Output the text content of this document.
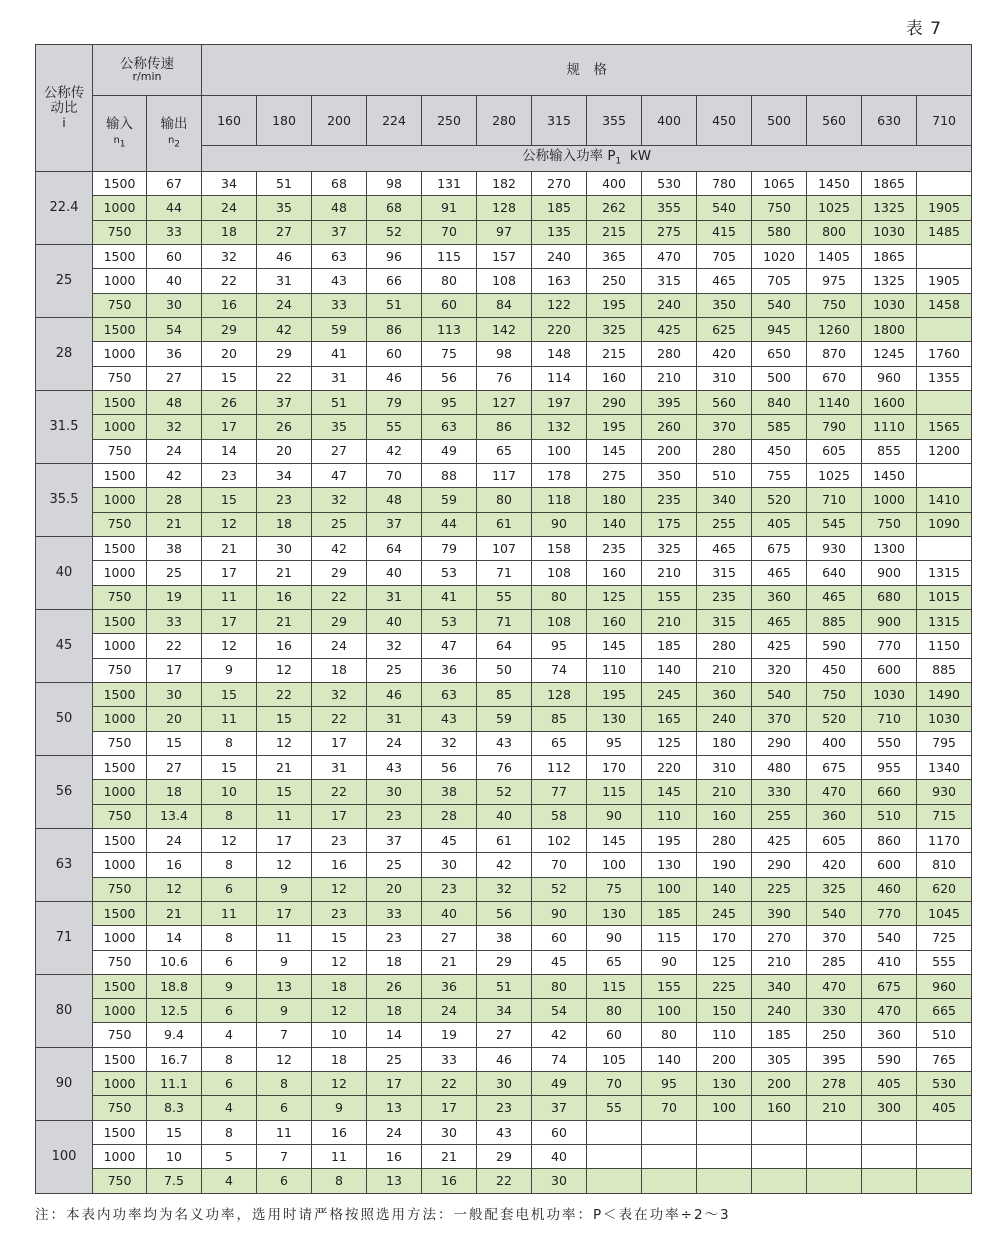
表 7
公称传
动比
i	公称传速
r/min		规　格													
	输入
$n_1$	输出
$n_2$	160	180	200	224	250	280	315	355	400	450	500	560	630	710
			公称输入功率 $P_1$ kW													
22.4	1500	67	34	51	68	98	131	182	270	400	530	780	1065	1450	1865	
	1000	44	24	35	48	68	91	128	185	262	355	540	750	1025	1325	1905
	750	33	18	27	37	52	70	97	135	215	275	415	580	800	1030	1485
25	1500	60	32	46	63	96	115	157	240	365	470	705	1020	1405	1865	
	1000	40	22	31	43	66	80	108	163	250	315	465	705	975	1325	1905
	750	30	16	24	33	51	60	84	122	195	240	350	540	750	1030	1458
28	1500	54	29	42	59	86	113	142	220	325	425	625	945	1260	1800	
	1000	36	20	29	41	60	75	98	148	215	280	420	650	870	1245	1760
	750	27	15	22	31	46	56	76	114	160	210	310	500	670	960	1355
31.5	1500	48	26	37	51	79	95	127	197	290	395	560	840	1140	1600	
	1000	32	17	26	35	55	63	86	132	195	260	370	585	790	1110	1565
	750	24	14	20	27	42	49	65	100	145	200	280	450	605	855	1200
35.5	1500	42	23	34	47	70	88	117	178	275	350	510	755	1025	1450	
	1000	28	15	23	32	48	59	80	118	180	235	340	520	710	1000	1410
	750	21	12	18	25	37	44	61	90	140	175	255	405	545	750	1090
40	1500	38	21	30	42	64	79	107	158	235	325	465	675	930	1300	
	1000	25	17	21	29	40	53	71	108	160	210	315	465	640	900	1315
	750	19	11	16	22	31	41	55	80	125	155	235	360	465	680	1015
45	1500	33	17	21	29	40	53	71	108	160	210	315	465	885	900	1315
	1000	22	12	16	24	32	47	64	95	145	185	280	425	590	770	1150
	750	17	9	12	18	25	36	50	74	110	140	210	320	450	600	885
50	1500	30	15	22	32	46	63	85	128	195	245	360	540	750	1030	1490
	1000	20	11	15	22	31	43	59	85	130	165	240	370	520	710	1030
	750	15	8	12	17	24	32	43	65	95	125	180	290	400	550	795
56	1500	27	15	21	31	43	56	76	112	170	220	310	480	675	955	1340
	1000	18	10	15	22	30	38	52	77	115	145	210	330	470	660	930
	750	13.4	8	11	17	23	28	40	58	90	110	160	255	360	510	715
63	1500	24	12	17	23	37	45	61	102	145	195	280	425	605	860	1170
	1000	16	8	12	16	25	30	42	70	100	130	190	290	420	600	810
	750	12	6	9	12	20	23	32	52	75	100	140	225	325	460	620
71	1500	21	11	17	23	33	40	56	90	130	185	245	390	540	770	1045
	1000	14	8	11	15	23	27	38	60	90	115	170	270	370	540	725
	750	10.6	6	9	12	18	21	29	45	65	90	125	210	285	410	555
80	1500	18.8	9	13	18	26	36	51	80	115	155	225	340	470	675	960
	1000	12.5	6	9	12	18	24	34	54	80	100	150	240	330	470	665
	750	9.4	4	7	10	14	19	27	42	60	80	110	185	250	360	510
90	1500	16.7	8	12	18	25	33	46	74	105	140	200	305	395	590	765
	1000	11.1	6	8	12	17	22	30	49	70	95	130	200	278	405	530
	750	8.3	4	6	9	13	17	23	37	55	70	100	160	210	300	405
100	1500	15	8	11	16	24	30	43	60							
	1000	10	5	7	11	16	21	29	40							
	750	7.5	4	6	8	13	16	22	30							
注：本表内功率均为名义功率，选用时请严格按照选用方法：一般配套电机功率：P＜表在功率÷2～3
